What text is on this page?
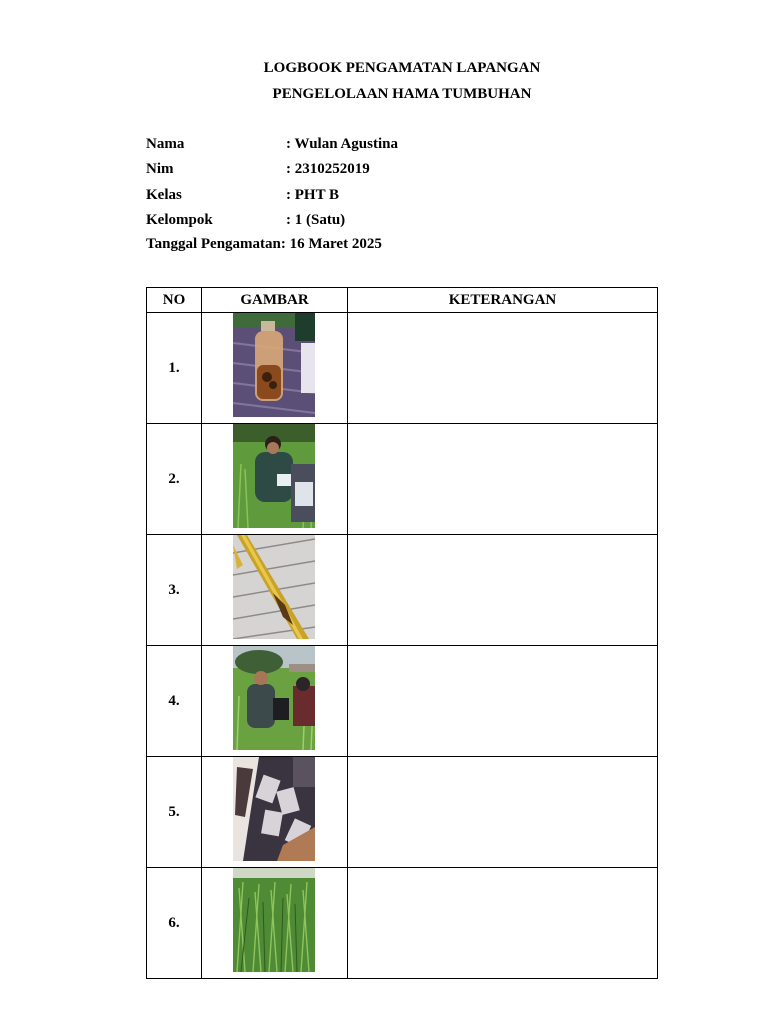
LOGBOOK PENGAMATAN LAPANGAN
PENGELOLAAN HAMA TUMBUHAN
Nama	: Wulan Agustina
Nim	: 2310252019
Kelas	: PHT B
Kelompok	: 1 (Satu)
Tanggal Pengamatan: 16 Maret 2025
NO	GAMBAR	KETERANGAN
1.	

2.	

3.	

4.	

5.	

6.	
